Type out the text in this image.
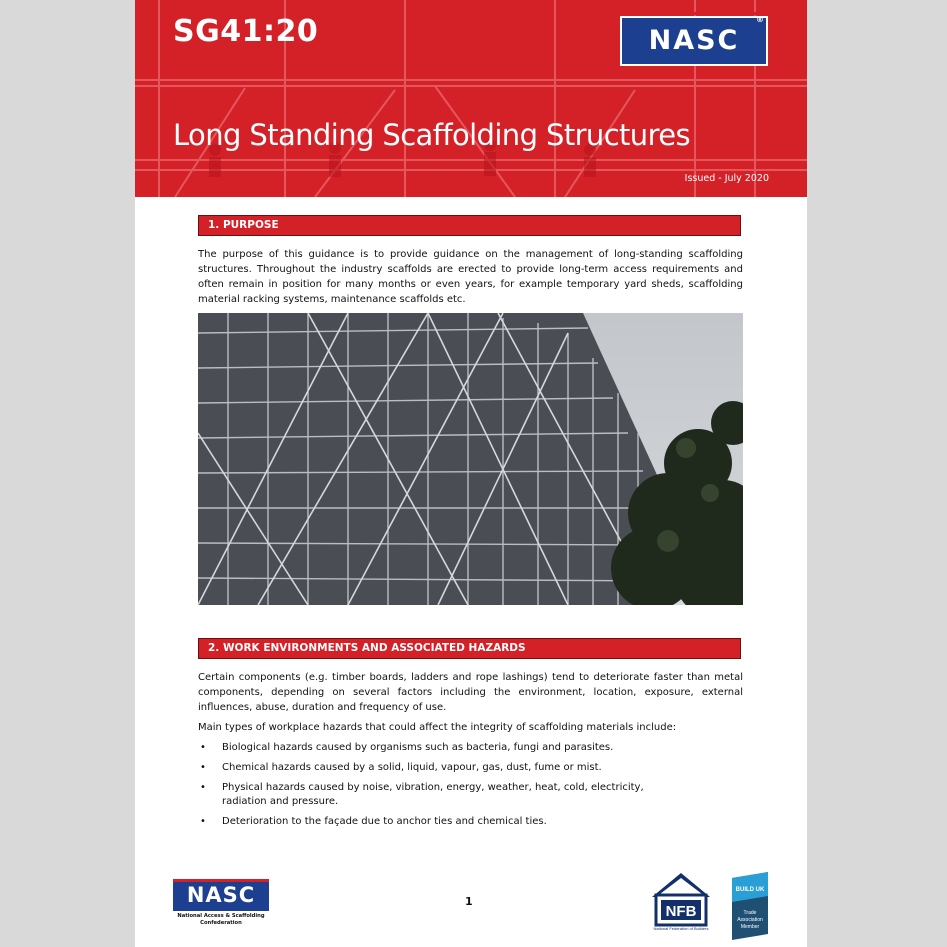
SG41:20
Long Standing Scaffolding Structures
Issued - July 2020
NASC
®
1. PURPOSE

The purpose of this guidance is to provide guidance on the management of long-standing scaffolding structures. Throughout the industry scaffolds are erected to provide long-term access requirements and often remain in position for many months or even years, for example temporary yard sheds, scaffolding material racking systems, maintenance scaffolds etc.

2. WORK ENVIRONMENTS AND ASSOCIATED HAZARDS

Certain components (e.g. timber boards, ladders and rope lashings) tend to deteriorate faster than metal components, depending on several factors including the environment, location, exposure, external influences, abuse, duration and frequency of use.

Main types of workplace hazards that could affect the integrity of scaffolding materials include:

• Biological hazards caused by organisms such as bacteria, fungi and parasites.
• Chemical hazards caused by a solid, liquid, vapour, gas, dust, fume or mist.
• Physical hazards caused by noise, vibration, energy, weather, heat, cold, electricity, radiation and pressure.
• Deterioration to the façade due to anchor ties and chemical ties.
NASC
National Access & Scaffolding
Confederation
1
NFB
National Federation of Builders
BUILD UK
Trade
Association
Member
